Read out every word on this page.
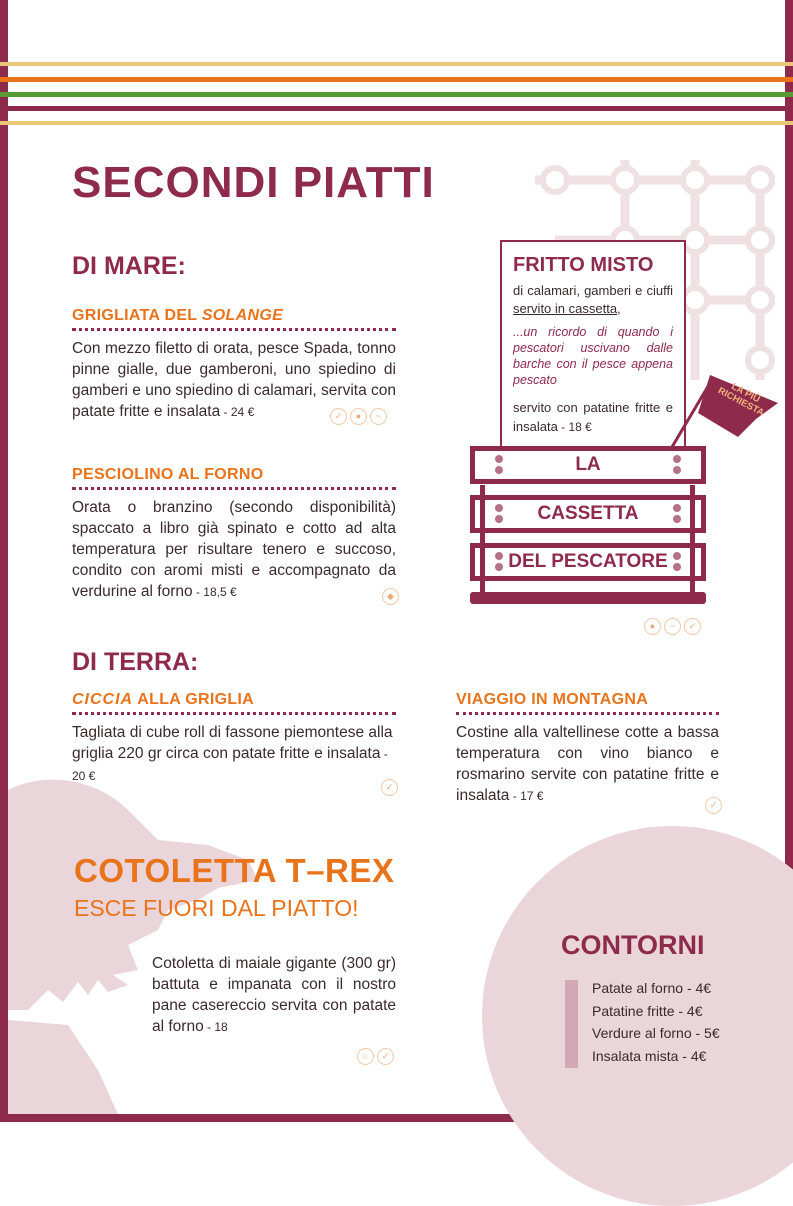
SECONDI PIATTI
DI MARE:
GRIGLIATA DEL SOLANGE
Con mezzo filetto di orata, pesce Spada, tonno pinne gialle, due gamberoni, uno spiedino di gamberi e uno spiedino di calamari, servita con patate fritte e insalata - 24 €	✓	●	~
PESCIOLINO AL FORNO
Orata o branzino (secondo disponibilità) spaccato a libro già spinato e cotto ad alta temperatura per risultare tenero e succoso, condito con aromi misti e accompagnato da verdurine al forno - 18,5 €	◆
FRITTO MISTO
di calamari, gamberi e ciuffi servito in cassetta,
...un ricordo di quando i pescatori uscivano dalle barche con il pesce appena pescato
servito con patatine fritte e insalata - 18 €
LA PIÙ RICHIESTA
LA
CASSETTA
DEL PESCATORE
●	~	✓
DI TERRA:
CICCIA ALLA GRIGLIA
Tagliata di cube roll di fassone piemontese alla griglia 220 gr circa con patate fritte e insalata - 20 €
✓
VIAGGIO IN MONTAGNA
Costine alla valtellinese cotte a bassa temperatura con vino bianco e rosmarino servite con patatine fritte e insalata - 17 €
✓
COTOLETTA T–REX
ESCE FUORI DAL PIATTO!
Cotoletta di maiale gigante (300 gr) battuta e impanata con il nostro pane casereccio servita con patate al forno - 18
○	✓
CONTORNI
Patate al forno - 4€
Patatine fritte - 4€
Verdure al forno - 5€
Insalata mista - 4€
